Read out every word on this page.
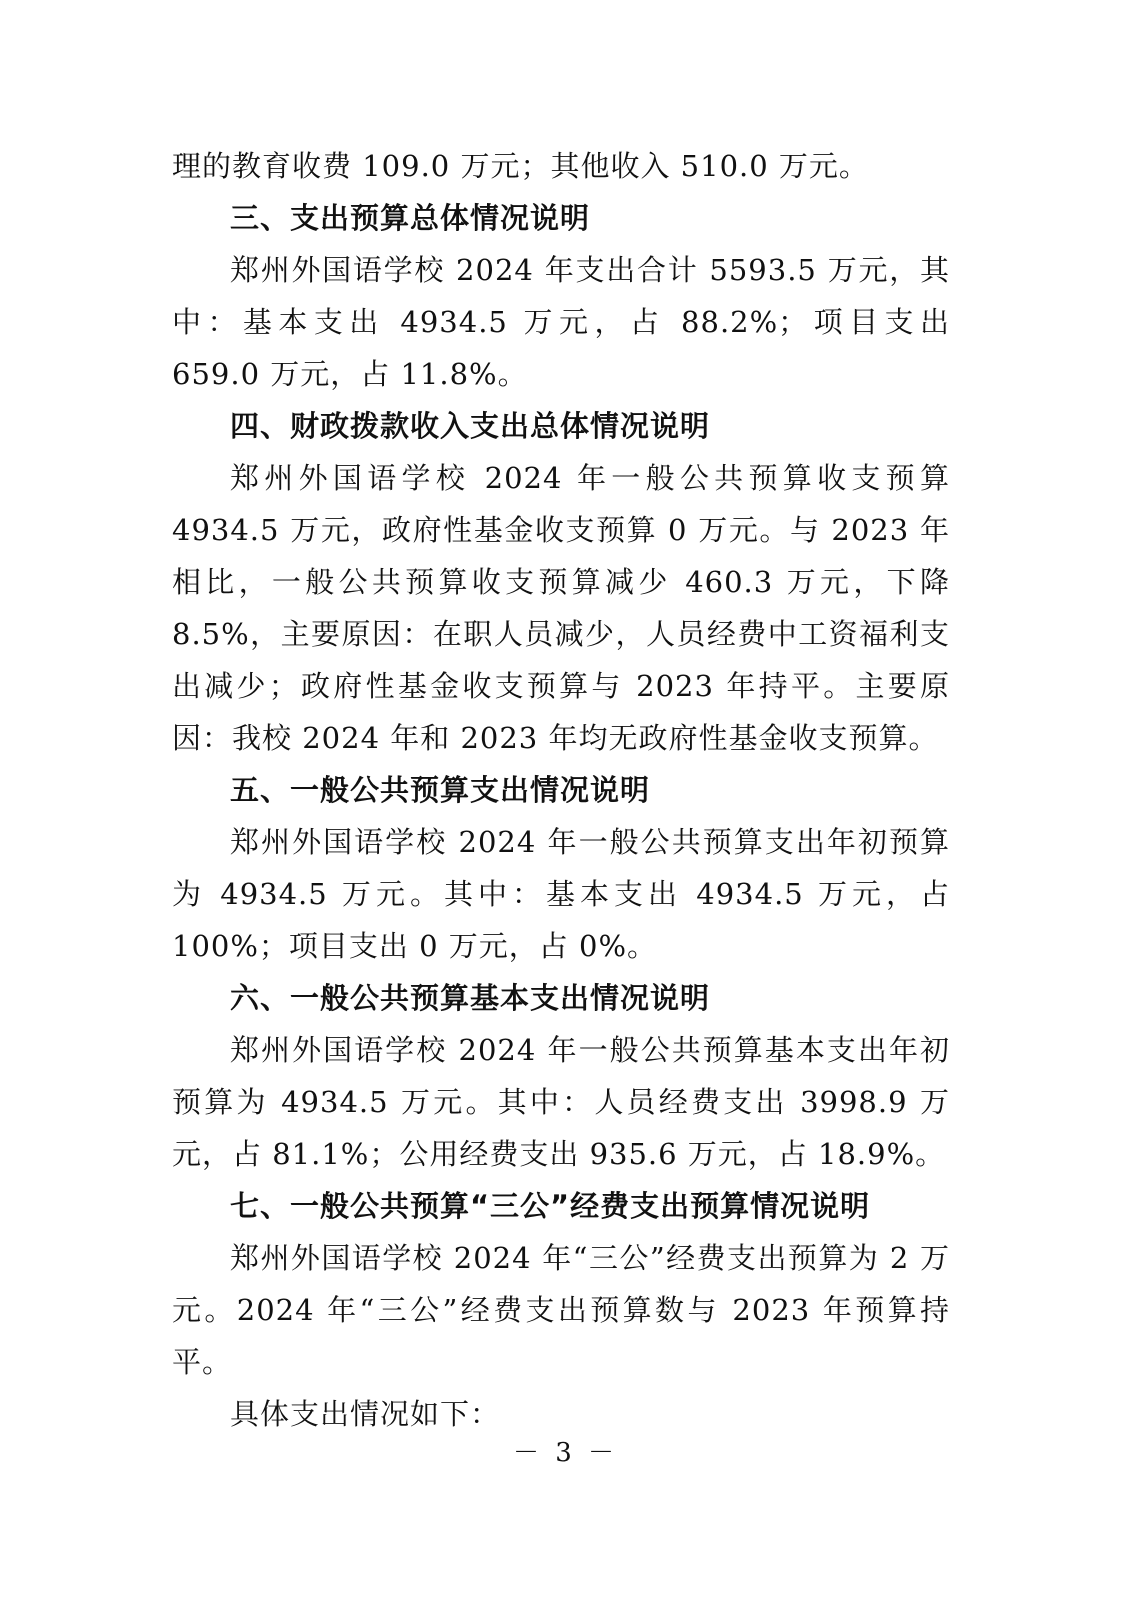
理的教育收费 109.0 万元；其他收入 510.0 万元。

三、支出预算总体情况说明

郑州外国语学校 2024 年支出合计 5593.5 万元，其中：基本支出 4934.5 万元，占 88.2%；项目支出 659.0 万元，占 11.8%。

四、财政拨款收入支出总体情况说明

郑州外国语学校 2024 年一般公共预算收支预算 4934.5 万元，政府性基金收支预算 0 万元。与 2023 年相比，一般公共预算收支预算减少 460.3 万元，下降 8.5%，主要原因：在职人员减少，人员经费中工资福利支出减少；政府性基金收支预算与 2023 年持平。主要原因：我校 2024 年和 2023 年均无政府性基金收支预算。

五、一般公共预算支出情况说明

郑州外国语学校 2024 年一般公共预算支出年初预算为 4934.5 万元。其中：基本支出 4934.5 万元，占 100%；项目支出 0 万元，占 0%。

六、一般公共预算基本支出情况说明

郑州外国语学校 2024 年一般公共预算基本支出年初预算为 4934.5 万元。其中：人员经费支出 3998.9 万元，占 81.1%；公用经费支出 935.6 万元，占 18.9%。

七、一般公共预算“三公”经费支出预算情况说明

郑州外国语学校 2024 年“三公”经费支出预算为 2 万元。2024 年“三公”经费支出预算数与 2023 年预算持平。

具体支出情况如下：

－ 3 －
